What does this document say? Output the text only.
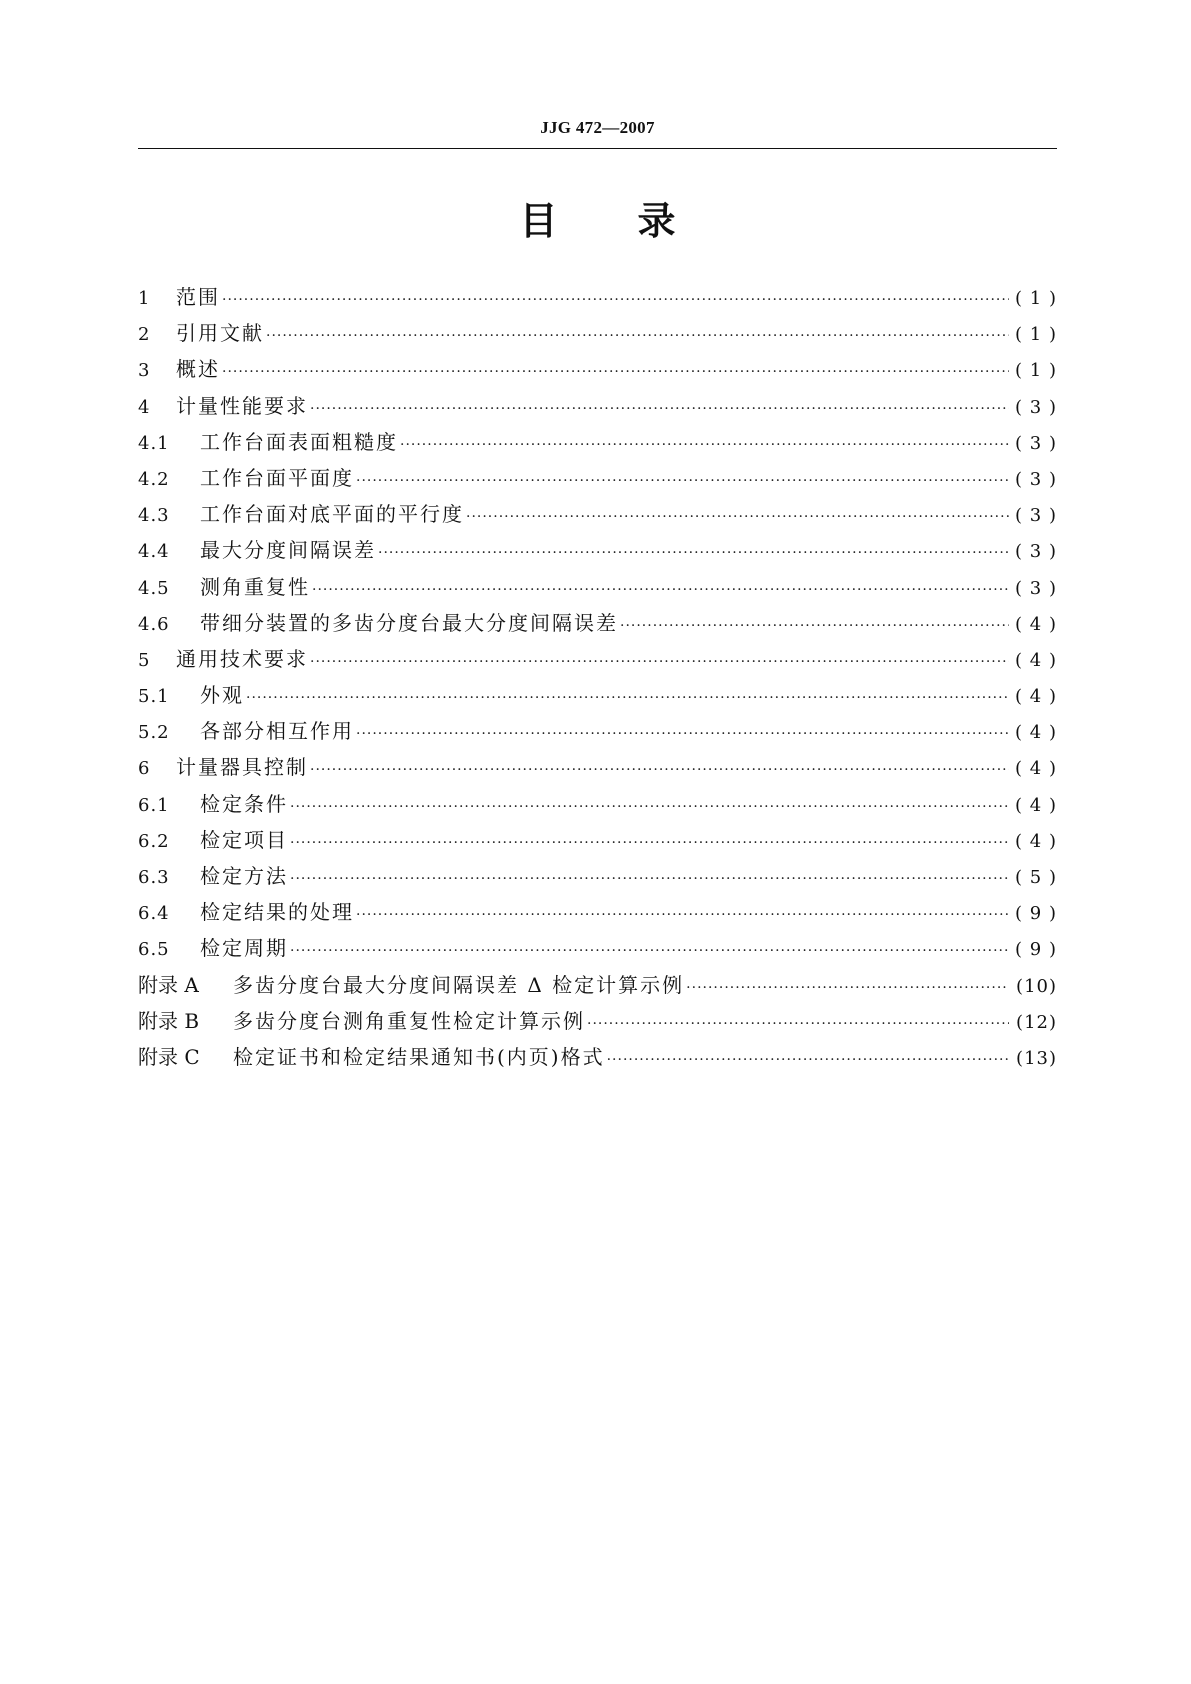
JJG 472—2007
目录
1	范围 ·····	( 1 )
2	引用文献 ·····	( 1 )
3	概述 ·····	( 1 )
4	计量性能要求 ·····	( 3 )
4.1	工作台面表面粗糙度 ·····	( 3 )
4.2	工作台面平面度 ·····	( 3 )
4.3	工作台面对底平面的平行度 ·····	( 3 )
4.4	最大分度间隔误差 ·····	( 3 )
4.5	测角重复性 ·····	( 3 )
4.6	带细分装置的多齿分度台最大分度间隔误差 ·····	( 4 )
5	通用技术要求 ·····	( 4 )
5.1	外观 ·····	( 4 )
5.2	各部分相互作用 ·····	( 4 )
6	计量器具控制 ·····	( 4 )
6.1	检定条件 ·····	( 4 )
6.2	检定项目 ·····	( 4 )
6.3	检定方法 ·····	( 5 )
6.4	检定结果的处理 ·····	( 9 )
6.5	检定周期 ·····	( 9 )
附录 A	多齿分度台最大分度间隔误差 Δ 检定计算示例 ·····	(10)
附录 B	多齿分度台测角重复性检定计算示例 ·····	(12)
附录 C	检定证书和检定结果通知书(内页)格式 ·····	(13)
